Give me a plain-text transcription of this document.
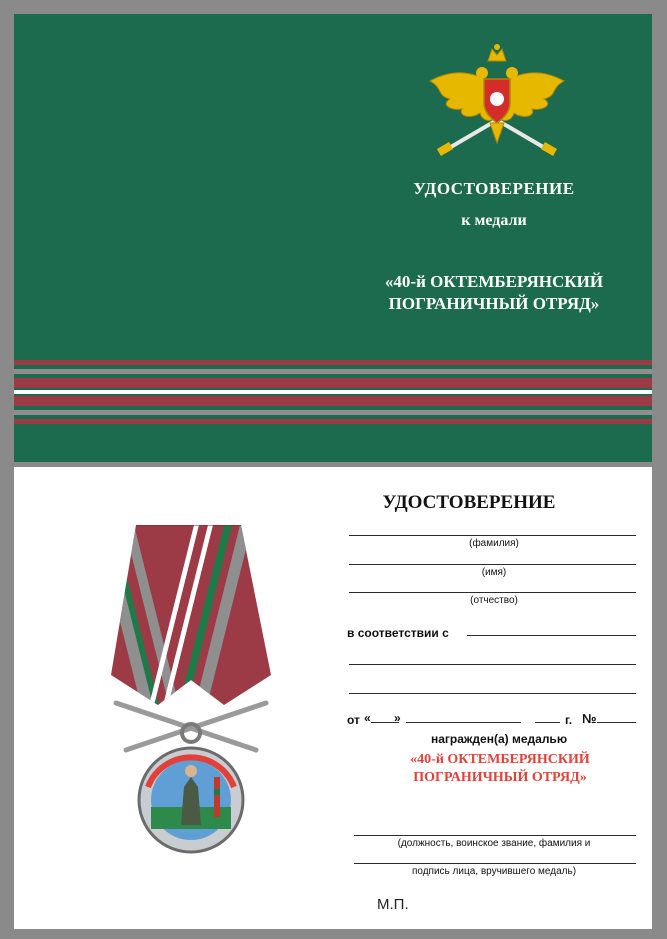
УДОСТОВЕРЕНИЕ
к медали
«40-й ОКТЕМБЕРЯНСКИЙ
ПОГРАНИЧНЫЙ ОТРЯД»
УДОСТОВЕРЕНИЕ
(фамилия)
(имя)
(отчество)
в соответствии с
от « »	г. №
награжден(а) медалью
«40-й ОКТЕМБЕРЯНСКИЙ
ПОГРАНИЧНЫЙ ОТРЯД»
(должность, воинское звание, фамилия и
подпись лица, вручившего медаль)
М.П.
